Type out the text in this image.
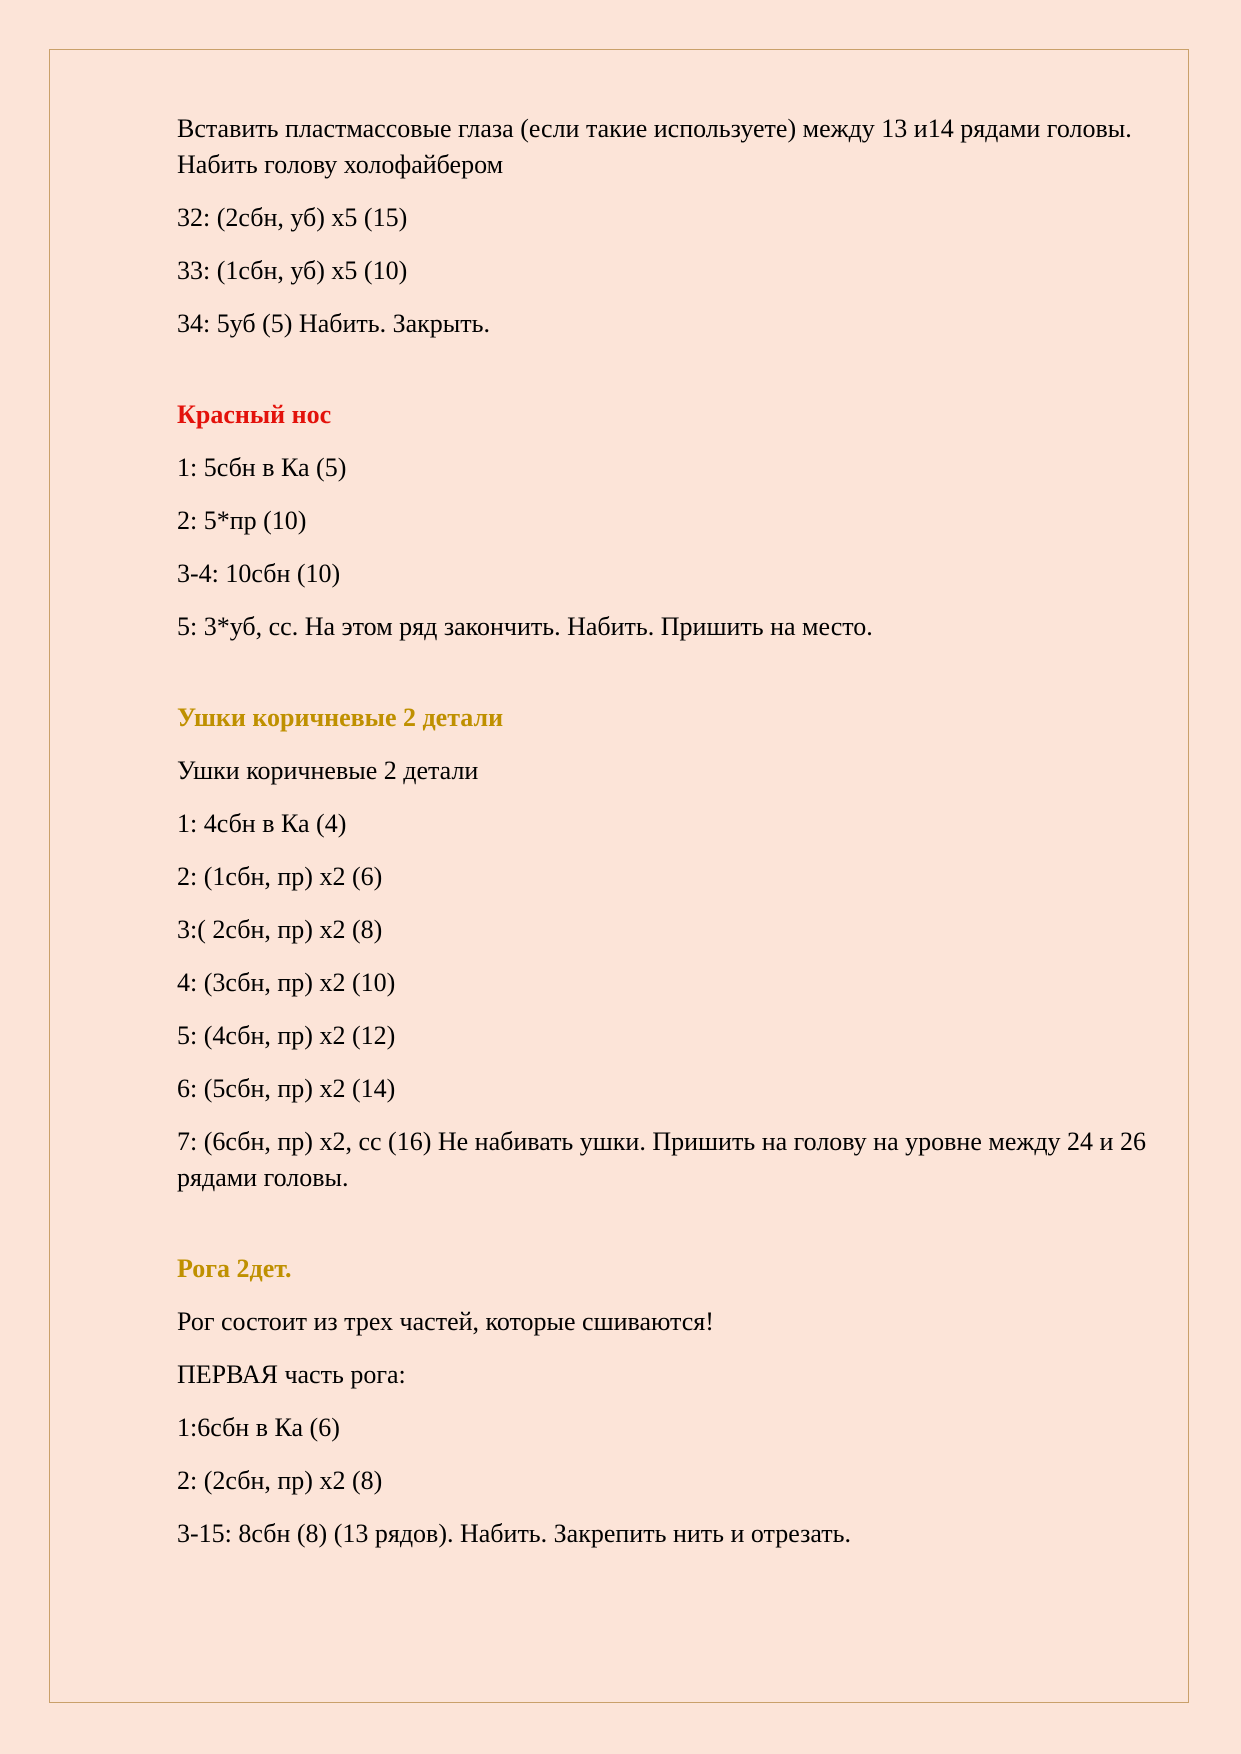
Вставить пластмассовые глаза (если такие используете) между 13 и14 рядами головы. Набить голову холофайбером

32: (2сбн, уб) x5 (15)

33: (1сбн, уб) x5 (10)

34: 5уб (5) Набить. Закрыть.

Красный нос

1: 5сбн в Ка (5)

2: 5*пр (10)

3-4: 10сбн (10)

5: 3*уб, сс. На этом ряд закончить. Набить. Пришить на место.

Ушки коричневые 2 детали

Ушки коричневые 2 детали

1: 4сбн в Ка (4)

2: (1сбн, пр) x2 (6)

3:( 2сбн, пр) x2 (8)

4: (3сбн, пр) x2 (10)

5: (4сбн, пр) x2 (12)

6: (5сбн, пр) x2 (14)

7: (6сбн, пр) x2, сс (16) Не набивать ушки. Пришить на голову на уровне между 24 и 26 рядами головы.

Рога 2дет.

Рог состоит из трех частей, которые сшиваются!

ПЕРВАЯ часть рога:

1:6сбн в Ка (6)

2: (2сбн, пр) x2 (8)

3-15: 8сбн (8) (13 рядов). Набить. Закрепить нить и отрезать.
